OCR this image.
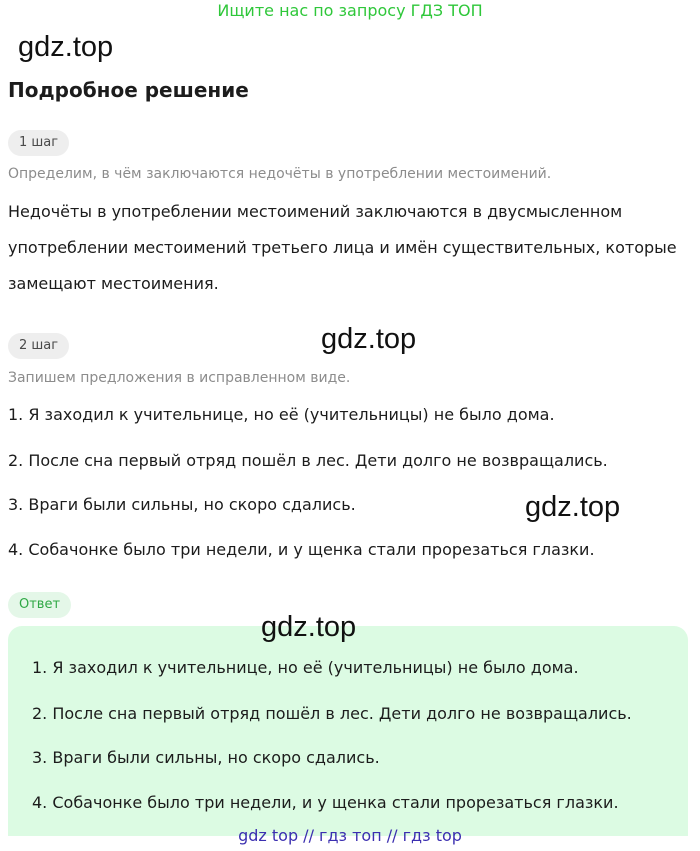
Ищите нас по запросу ГДЗ ТОП
gdz.top
Подробное решение
1 шаг
Определим, в чём заключаются недочёты в употреблении местоимений.
Недочёты в употреблении местоимений заключаются в двусмысленном употреблении местоимений третьего лица и имён существительных, которые замещают местоимения.
2 шаг	gdz.top
Запишем предложения в исправленном виде.
1. Я заходил к учительнице, но её (учительницы) не было дома.
2. После сна первый отряд пошёл в лес. Дети долго не возвращались.
3. Враги были сильны, но скоро сдались.	gdz.top
4. Собачонке было три недели, и у щенка стали прорезаться глазки.
Ответ
1. Я заходил к учительнице, но её (учительницы) не было дома.
2. После сна первый отряд пошёл в лес. Дети долго не возвращались.
3. Враги были сильны, но скоро сдались.
4. Собачонке было три недели, и у щенка стали прорезаться глазки.
gdz.top
gdz top // гдз топ // гдз top
